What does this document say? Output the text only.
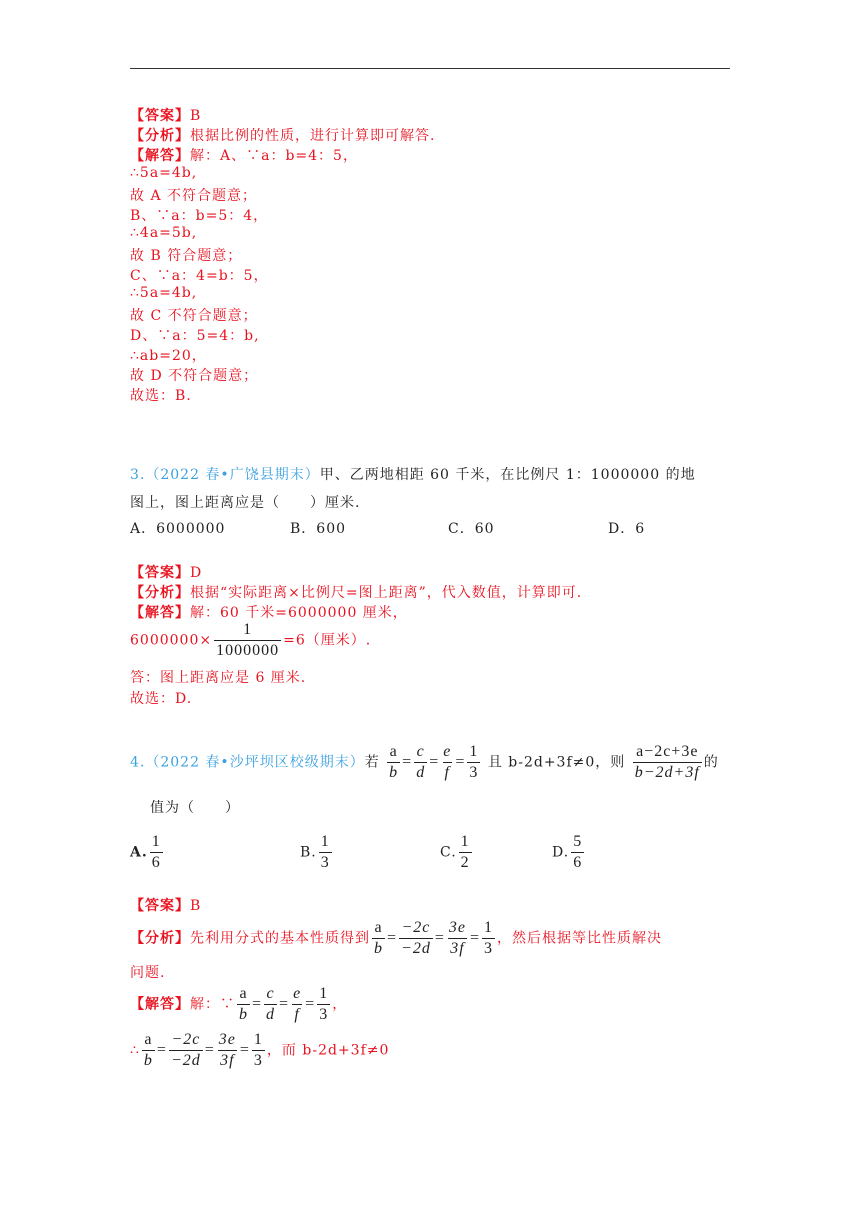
【答案】B
【分析】根据比例的性质，进行计算即可解答.
【解答】解：A、∵a：b=4：5，
∴5a=4b,
故 A 不符合题意；
B、∵a：b=5：4，
∴4a=5b,
故 B 符合题意；
C、∵a：4=b：5，
∴5a=4b,
故 C 不符合题意；
D、∵a：5=4：b,
∴ab=20，
故 D 不符合题意；
故选：B.
3.（2022 春•广饶县期末）甲、乙两地相距 60 千米，在比例尺 1：1000000 的地
图上，图上距离应是（　　）厘米.
A．6000000	B．600	C．60	D．6
【答案】D
【分析】根据“实际距离×比例尺=图上距离”，代入数值，计算即可.
【解答】解：60 千米=6000000 厘米，
$6000000\times \frac{1}{1000000} =6$（厘米）.
答：图上距离应是 6 厘米.
故选：D.
4.（2022 春•沙坪坝区校级期末）若 $\frac{a}{b} = \frac{c}{d} = \frac{e}{f} = \frac{1}{3}$ 且 b-2d+3f≠0，则 $\frac{a-2c+3e}{b-2d+3f}$ 的
值为（　　）
A. $\frac{1}{6}$	B. $\frac{1}{3}$	C. $\frac{1}{2}$	D. $\frac{5}{6}$
【答案】B
【分析】先利用分式的基本性质得到 $\frac{a}{b} = \frac{-2c}{-2d} = \frac{3e}{3f} = \frac{1}{3}$ ，然后根据等比性质解决
问题.
【解答】解：∵ $\frac{a}{b} = \frac{c}{d} = \frac{e}{f} = \frac{1}{3}$ ，
∴ $\frac{a}{b} = \frac{-2c}{-2d} = \frac{3e}{3f} = \frac{1}{3}$ ，而 b-2d+3f≠0
